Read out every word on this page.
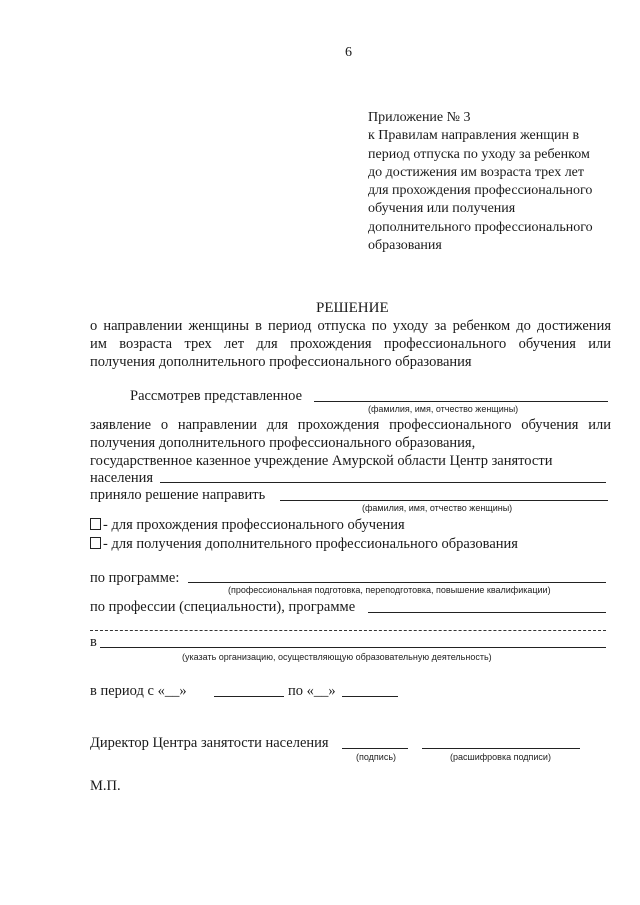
6
Приложение № 3
к Правилам направления женщин в
период отпуска по уходу за ребенком
до достижения им возраста трех лет
для прохождения профессионального
обучения или получения
дополнительного профессионального
образования
РЕШЕНИЕ
о направлении женщины в период отпуска по уходу за ребенком до достижения
им возраста трех лет для прохождения профессионального обучения или
получения дополнительного профессионального образования
Рассмотрев представленное
(фамилия, имя, отчество женщины)
заявление о направлении для прохождения профессионального обучения или
получения дополнительного профессионального образования,
государственное казенное учреждение Амурской области Центр занятости
населения
приняло решение направить
(фамилия, имя, отчество женщины)
- для прохождения профессионального обучения
- для получения дополнительного профессионального образования
по программе:
(профессиональная подготовка, переподготовка, повышение квалификации)
по профессии (специальности), программе
в
(указать организацию, осуществляющую образовательную деятельность)
в период с «__»	по «__»
Директор Центра занятости населения
(подпись)	(расшифровка подписи)
М.П.
